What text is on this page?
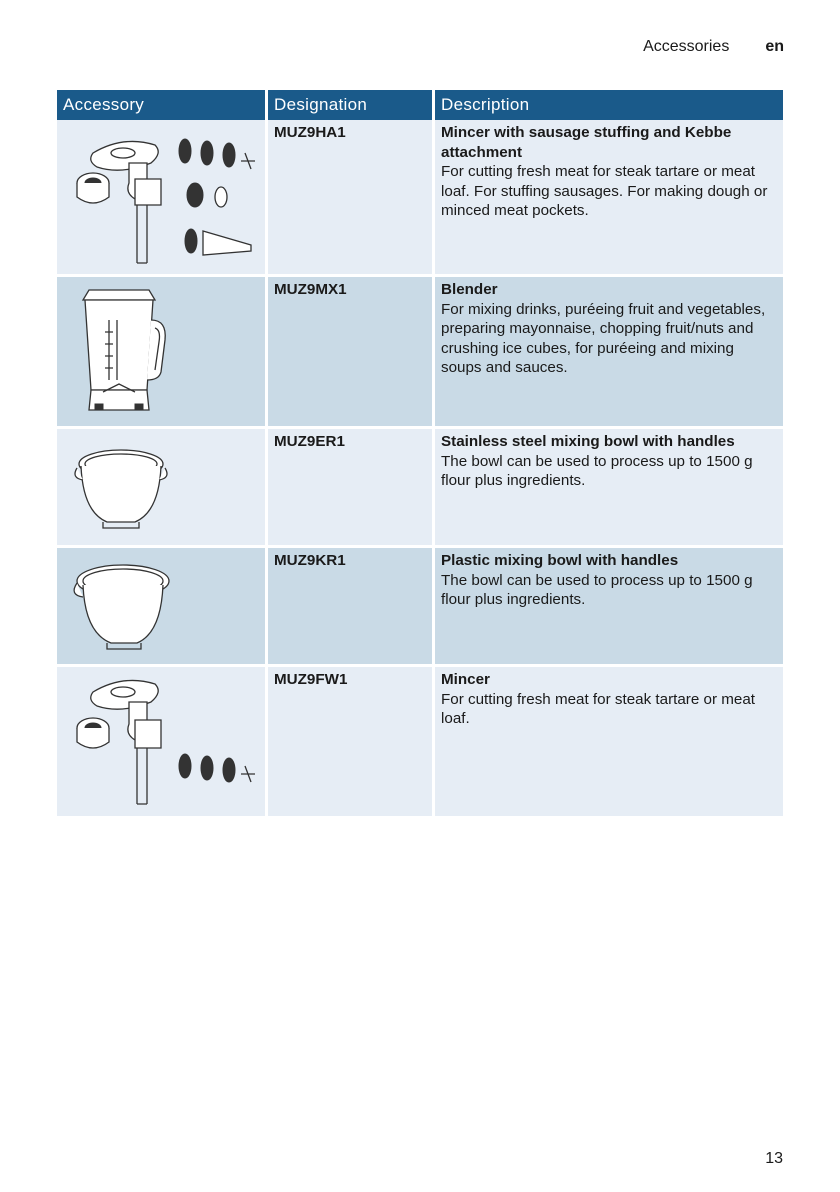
Accessories en
Accessory	Designation	Description

	MUZ9HA1	Mincer with sausage stuffing and Kebbe attachment
For cutting fresh meat for steak tartare or meat loaf. For stuffing sausages. For making dough or minced meat pockets.

	MUZ9MX1	Blender
For mixing drinks, puréeing fruit and vegetables, preparing mayonnaise, chopping fruit/nuts and crushing ice cubes, for puréeing and mixing soups and sauces.

	MUZ9ER1	Stainless steel mixing bowl with handles
The bowl can be used to process up to 1500 g flour plus ingredients.

	MUZ9KR1	Plastic mixing bowl with handles
The bowl can be used to process up to 1500 g flour plus ingredients.

	MUZ9FW1	Mincer
For cutting fresh meat for steak tartare or meat loaf.
13
